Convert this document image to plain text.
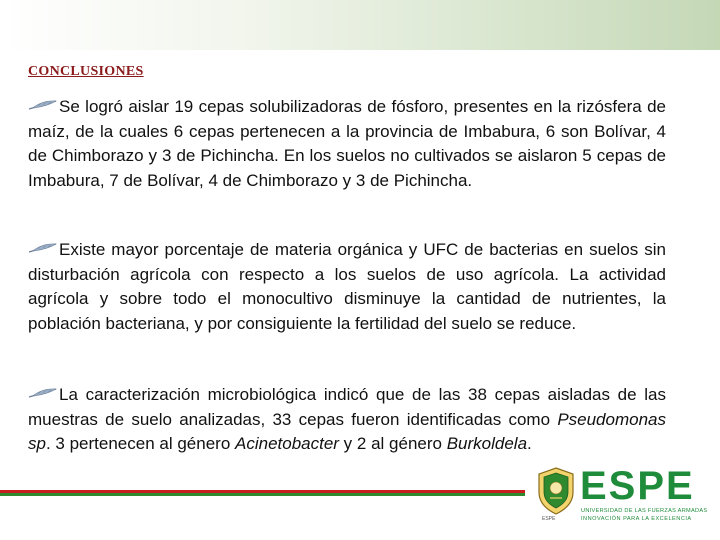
CONCLUSIONES
Se logró aislar 19 cepas solubilizadoras de fósforo, presentes en la rizósfera de maíz, de la cuales 6 cepas pertenecen a la provincia de Imbabura, 6 son Bolívar, 4 de Chimborazo y 3 de Pichincha. En los suelos no cultivados se aislaron 5 cepas de Imbabura, 7 de Bolívar, 4 de Chimborazo y 3 de Pichincha.
Existe mayor porcentaje de materia orgánica y UFC de bacterias en suelos sin disturbación agrícola con respecto a los suelos de uso agrícola. La actividad agrícola y sobre todo el monocultivo disminuye la cantidad de nutrientes, la población bacteriana, y por consiguiente la fertilidad del suelo se reduce.
La caracterización microbiológica indicó que de las 38 cepas aisladas de las muestras de suelo analizadas, 33 cepas fueron identificadas como Pseudomonas sp. 3 pertenecen al género Acinetobacter y 2 al género Burkoldela.
ESPE
ESPE
UNIVERSIDAD DE LAS FUERZAS ARMADAS
INNOVACIÓN PARA LA EXCELENCIA
